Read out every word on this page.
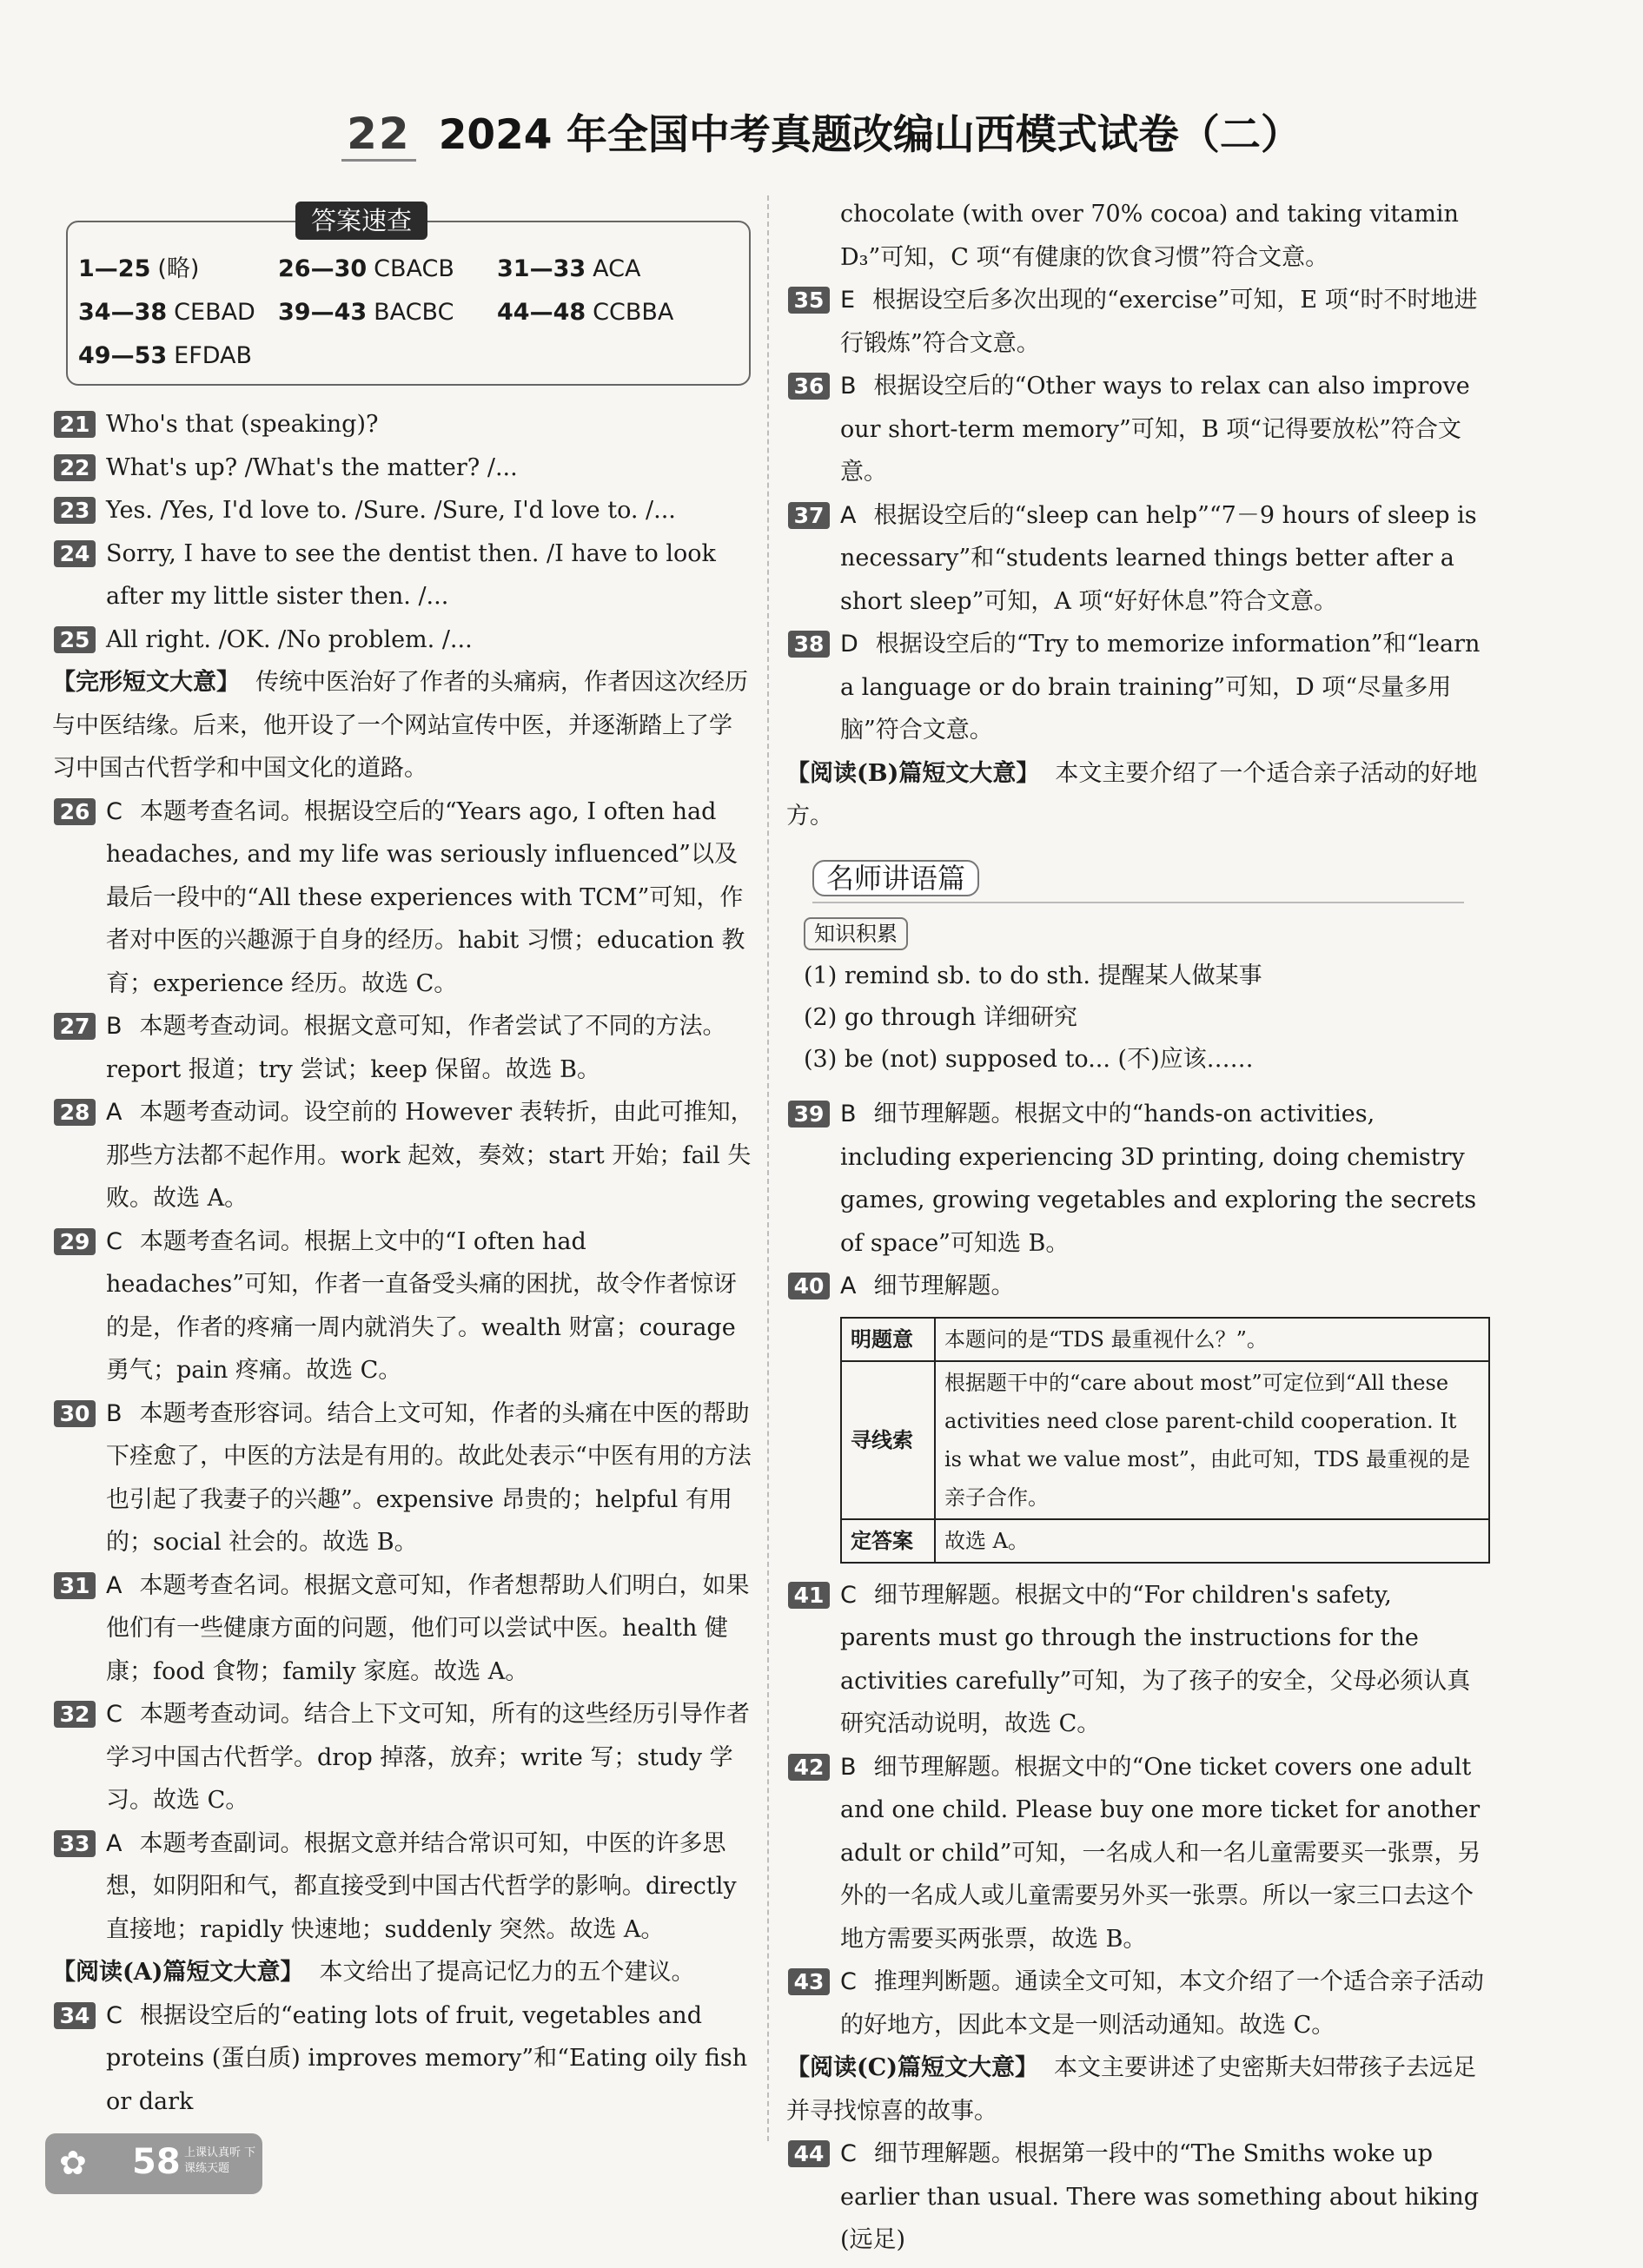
22 2024 年全国中考真题改编山西模式试卷（二）
答案速查
1—25 (略)	26—30 CBACB	31—33 ACA
34—38 CEBAD 39—43 BACBC	44—48 CCBBA
49—53 EFDAB
21 Who's that (speaking)?
22 What's up? /What's the matter? /...
23 Yes. /Yes, I'd love to. /Sure. /Sure, I'd love to. /...
24 Sorry, I have to see the dentist then. /I have to look after my little sister then. /...
25 All right. /OK. /No problem. /...
【完形短文大意】 传统中医治好了作者的头痛病，作者因这次经历与中医结缘。后来，他开设了一个网站宣传中医，并逐渐踏上了学习中国古代哲学和中国文化的道路。
26 C 本题考查名词。根据设空后的“Years ago, I often had headaches, and my life was seriously influenced”以及最后一段中的“All these experiences with TCM”可知，作者对中医的兴趣源于自身的经历。habit 习惯；education 教育；experience 经历。故选 C。
27 B 本题考查动词。根据文意可知，作者尝试了不同的方法。report 报道；try 尝试；keep 保留。故选 B。
28 A 本题考查动词。设空前的 However 表转折，由此可推知，那些方法都不起作用。work 起效，奏效；start 开始；fail 失败。故选 A。
29 C 本题考查名词。根据上文中的“I often had headaches”可知，作者一直备受头痛的困扰，故令作者惊讶的是，作者的疼痛一周内就消失了。wealth 财富；courage 勇气；pain 疼痛。故选 C。
30 B 本题考查形容词。结合上文可知，作者的头痛在中医的帮助下痊愈了，中医的方法是有用的。故此处表示“中医有用的方法也引起了我妻子的兴趣”。expensive 昂贵的；helpful 有用的；social 社会的。故选 B。
31 A 本题考查名词。根据文意可知，作者想帮助人们明白，如果他们有一些健康方面的问题，他们可以尝试中医。health 健康；food 食物；family 家庭。故选 A。
32 C 本题考查动词。结合上下文可知，所有的这些经历引导作者学习中国古代哲学。drop 掉落，放弃；write 写；study 学习。故选 C。
33 A 本题考查副词。根据文意并结合常识可知，中医的许多思想，如阴阳和气，都直接受到中国古代哲学的影响。directly 直接地；rapidly 快速地；suddenly 突然。故选 A。
【阅读(A)篇短文大意】 本文给出了提高记忆力的五个建议。
34 C 根据设空后的“eating lots of fruit, vegetables and proteins (蛋白质) improves memory”和“Eating oily fish or dark
chocolate (with over 70% cocoa) and taking vitamin D₃”可知，C 项“有健康的饮食习惯”符合文意。
35 E 根据设空后多次出现的“exercise”可知，E 项“时不时地进行锻炼”符合文意。
36 B 根据设空后的“Other ways to relax can also improve our short-term memory”可知，B 项“记得要放松”符合文意。
37 A 根据设空后的“sleep can help”“7－9 hours of sleep is necessary”和“students learned things better after a short sleep”可知，A 项“好好休息”符合文意。
38 D 根据设空后的“Try to memorize information”和“learn a language or do brain training”可知，D 项“尽量多用脑”符合文意。
【阅读(B)篇短文大意】 本文主要介绍了一个适合亲子活动的好地方。
名师讲语篇
知识积累
(1) remind sb. to do sth. 提醒某人做某事
(2) go through 详细研究
(3) be (not) supposed to... (不)应该……
39 B 细节理解题。根据文中的“hands-on activities, including experiencing 3D printing, doing chemistry games, growing vegetables and exploring the secrets of space”可知选 B。
40 A 细节理解题。
明题意	本题问的是“TDS 最重视什么？”。
寻线索	根据题干中的“care about most”可定位到“All these activities need close parent-child cooperation. It is what we value most”，由此可知，TDS 最重视的是亲子合作。
定答案	故选 A。
41 C 细节理解题。根据文中的“For children's safety, parents must go through the instructions for the activities carefully”可知，为了孩子的安全，父母必须认真研究活动说明，故选 C。
42 B 细节理解题。根据文中的“One ticket covers one adult and one child. Please buy one more ticket for another adult or child”可知，一名成人和一名儿童需要买一张票，另外的一名成人或儿童需要另外买一张票。所以一家三口去这个地方需要买两张票，故选 B。
43 C 推理判断题。通读全文可知，本文介绍了一个适合亲子活动的好地方，因此本文是一则活动通知。故选 C。
【阅读(C)篇短文大意】 本文主要讲述了史密斯夫妇带孩子去远足并寻找惊喜的故事。
44 C 细节理解题。根据第一段中的“The Smiths woke up earlier than usual. There was something about hiking (远足)
✿ 58 上课认真听 下课练天题
